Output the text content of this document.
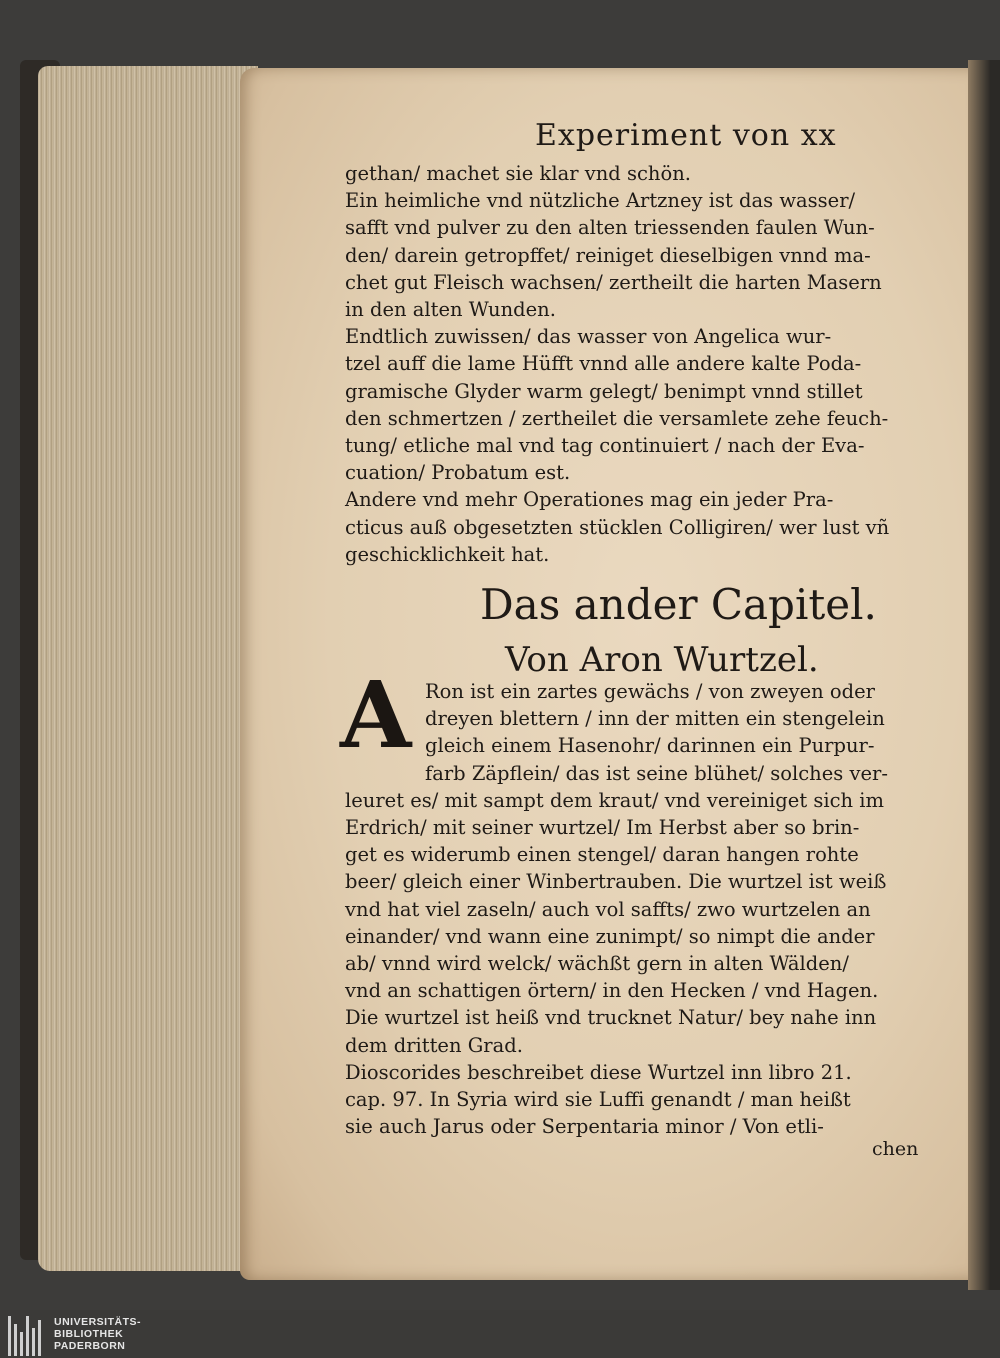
Experiment von xx

gethan/ machet sie klar vnd schön.

Ein heimliche vnd nützliche Artzney ist das wasser/
safft vnd pulver zu den alten triessenden faulen Wun-
den/ darein getropffet/ reiniget dieselbigen vnnd ma-
chet gut Fleisch wachsen/ zertheilt die harten Masern
in den alten Wunden.

Endtlich zuwissen/ das wasser von Angelica wur-
tzel auff die lame Hüfft vnnd alle andere kalte Poda-
gramische Glyder warm gelegt/ benimpt vnnd stillet
den schmertzen / zertheilet die versamlete zehe feuch-
tung/ etliche mal vnd tag continuiert / nach der Eva-
cuation/ Probatum est.

Andere vnd mehr Operationes mag ein jeder Pra-
cticus auß obgesetzten stücklen Colligiren/ wer lust vñ
geschicklichkeit hat.

Das ander Capitel.
Von Aron Wurtzel.
A Ron ist ein zartes gewächs / von zweyen oder
dreyen blettern / inn der mitten ein stengelein
gleich einem Hasenohr/ darinnen ein Purpur-
farb Zäpflein/ das ist seine blühet/ solches ver-
leuret es/ mit sampt dem kraut/ vnd vereiniget sich im
Erdrich/ mit seiner wurtzel/ Im Herbst aber so brin-
get es widerumb einen stengel/ daran hangen rohte
beer/ gleich einer Winbertrauben. Die wurtzel ist weiß
vnd hat viel zaseln/ auch vol saffts/ zwo wurtzelen an
einander/ vnd wann eine zunimpt/ so nimpt die ander
ab/ vnnd wird welck/ wächßt gern in alten Wälden/
vnd an schattigen örtern/ in den Hecken / vnd Hagen.
Die wurtzel ist heiß vnd trucknet Natur/ bey nahe inn
dem dritten Grad.

Dioscorides beschreibet diese Wurtzel inn libro 21.
cap. 97. In Syria wird sie Luffi genandt / man heißt
sie auch Jarus oder Serpentaria minor / Von etli-

chen
UNIVERSITÄTS-
BIBLIOTHEK
PADERBORN
